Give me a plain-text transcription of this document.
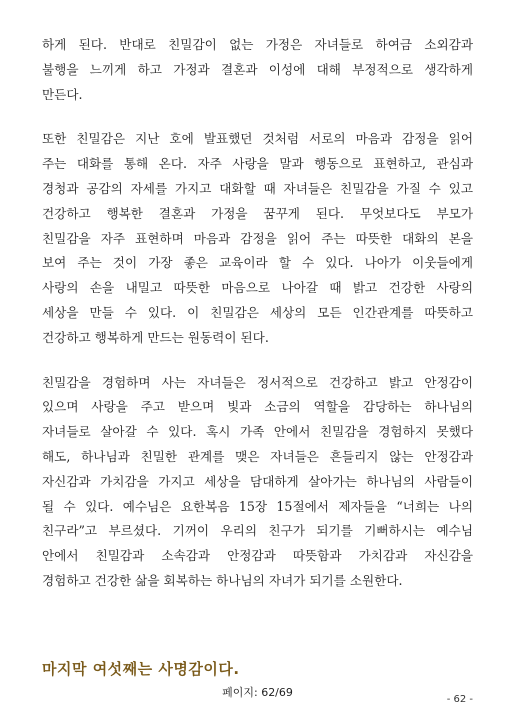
하게 된다. 반대로 친밀감이 없는 가정은 자녀들로 하여금 소외감과
불행을 느끼게 하고 가정과 결혼과 이성에 대해 부정적으로 생각하게
만든다.
또한 친밀감은 지난 호에 발표했던 것처럼 서로의 마음과 감정을 읽어
주는 대화를 통해 온다. 자주 사랑을 말과 행동으로 표현하고, 관심과
경청과 공감의 자세를 가지고 대화할 때 자녀들은 친밀감을 가질 수 있고
건강하고 행복한 결혼과 가정을 꿈꾸게 된다. 무엇보다도 부모가
친밀감을 자주 표현하며 마음과 감정을 읽어 주는 따뜻한 대화의 본을
보여 주는 것이 가장 좋은 교육이라 할 수 있다. 나아가 이웃들에게
사랑의 손을 내밀고 따뜻한 마음으로 나아갈 때 밝고 건강한 사랑의
세상을 만들 수 있다. 이 친밀감은 세상의 모든 인간관계를 따뜻하고
건강하고 행복하게 만드는 원동력이 된다.
친밀감을 경험하며 사는 자녀들은 정서적으로 건강하고 밝고 안정감이
있으며 사랑을 주고 받으며 빛과 소금의 역할을 감당하는 하나님의
자녀들로 살아갈 수 있다. 혹시 가족 안에서 친밀감을 경험하지 못했다
해도, 하나님과 친밀한 관계를 맺은 자녀들은 흔들리지 않는 안정감과
자신감과 가치감을 가지고 세상을 담대하게 살아가는 하나님의 사람들이
될 수 있다. 예수님은 요한복음 15장 15절에서 제자들을 “너희는 나의
친구라”고 부르셨다. 기꺼이 우리의 친구가 되기를 기뻐하시는 예수님
안에서 친밀감과 소속감과 안정감과 따뜻함과 가치감과 자신감을
경험하고 건강한 삶을 회복하는 하나님의 자녀가 되기를 소원한다.
마지막 여섯째는 사명감이다.
페이지: 62/69
- 62 -
